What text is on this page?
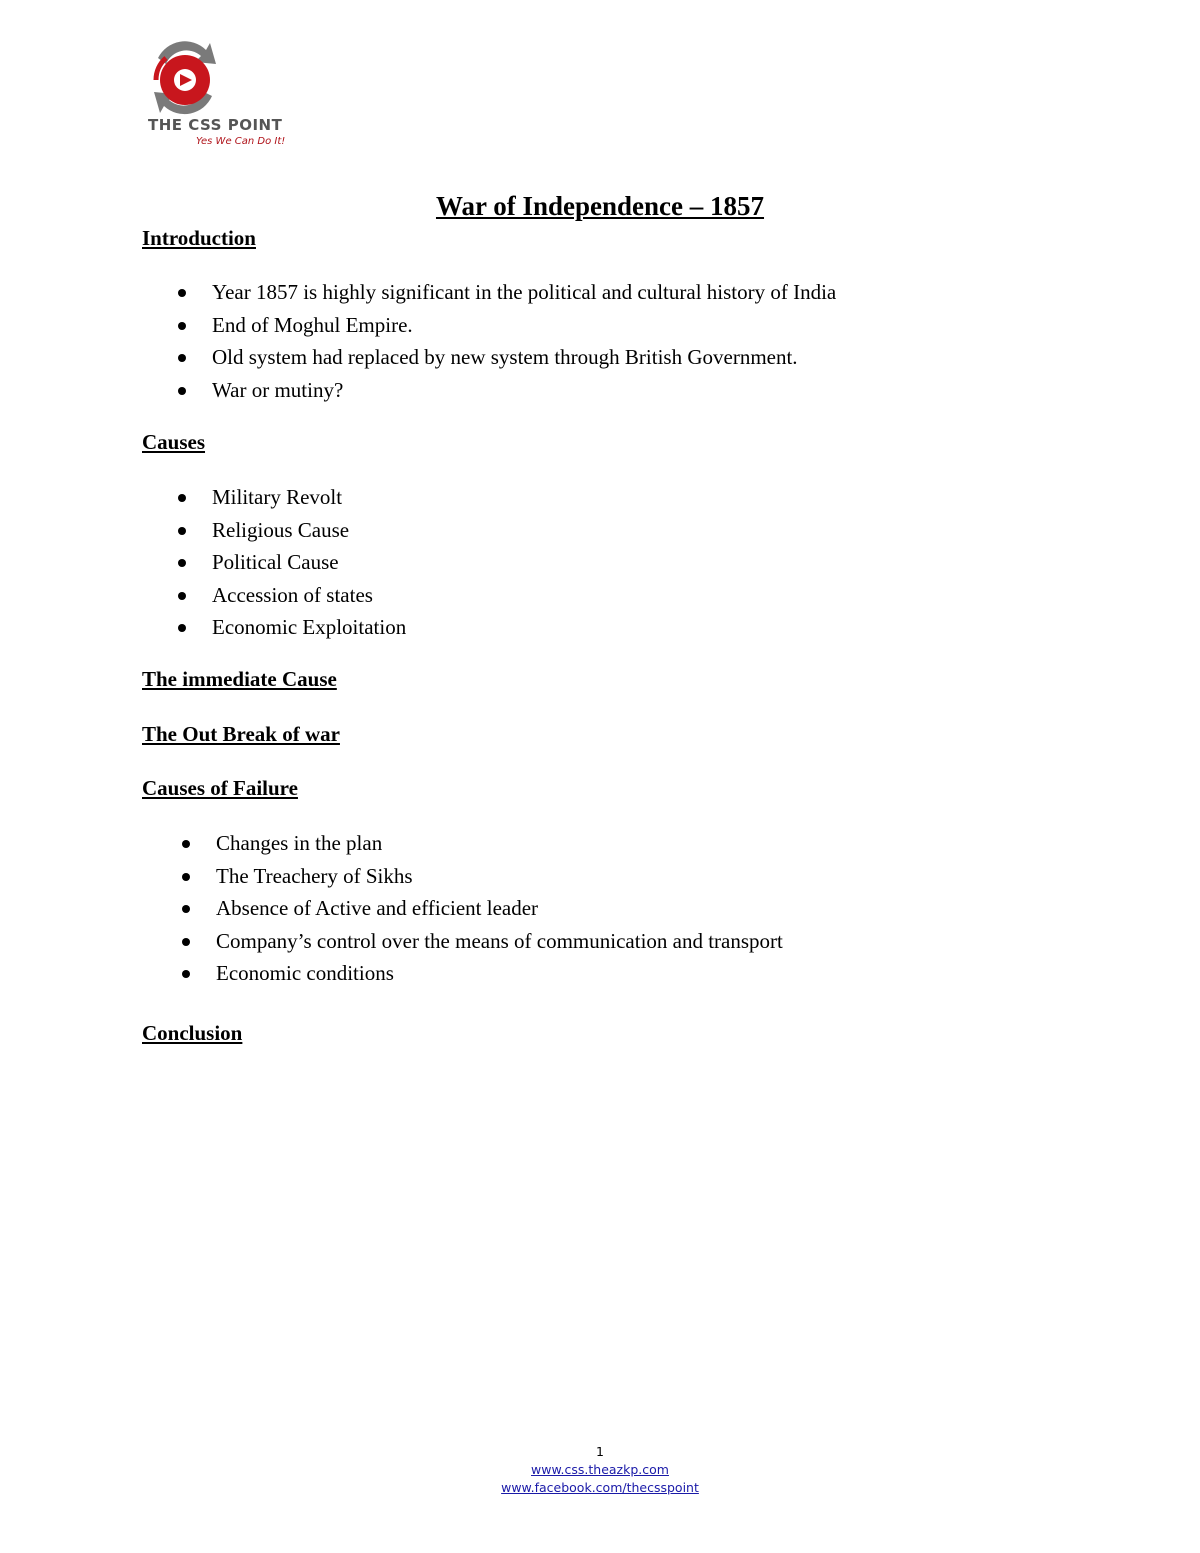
THE CSS POINT
Yes We Can Do It!
War of Independence – 1857
Introduction
Year 1857 is highly significant in the political and cultural history of India
End of Moghul Empire.
Old system had replaced by new system through British Government.
War or mutiny?
Causes
Military Revolt
Religious Cause
Political Cause
Accession of states
Economic Exploitation
The immediate Cause
The Out Break of war
Causes of Failure
Changes in the plan
The Treachery of Sikhs
Absence of Active and efficient leader
Company’s control over the means of communication and transport
Economic conditions
Conclusion
1
www.css.theazkp.com
www.facebook.com/thecsspoint
